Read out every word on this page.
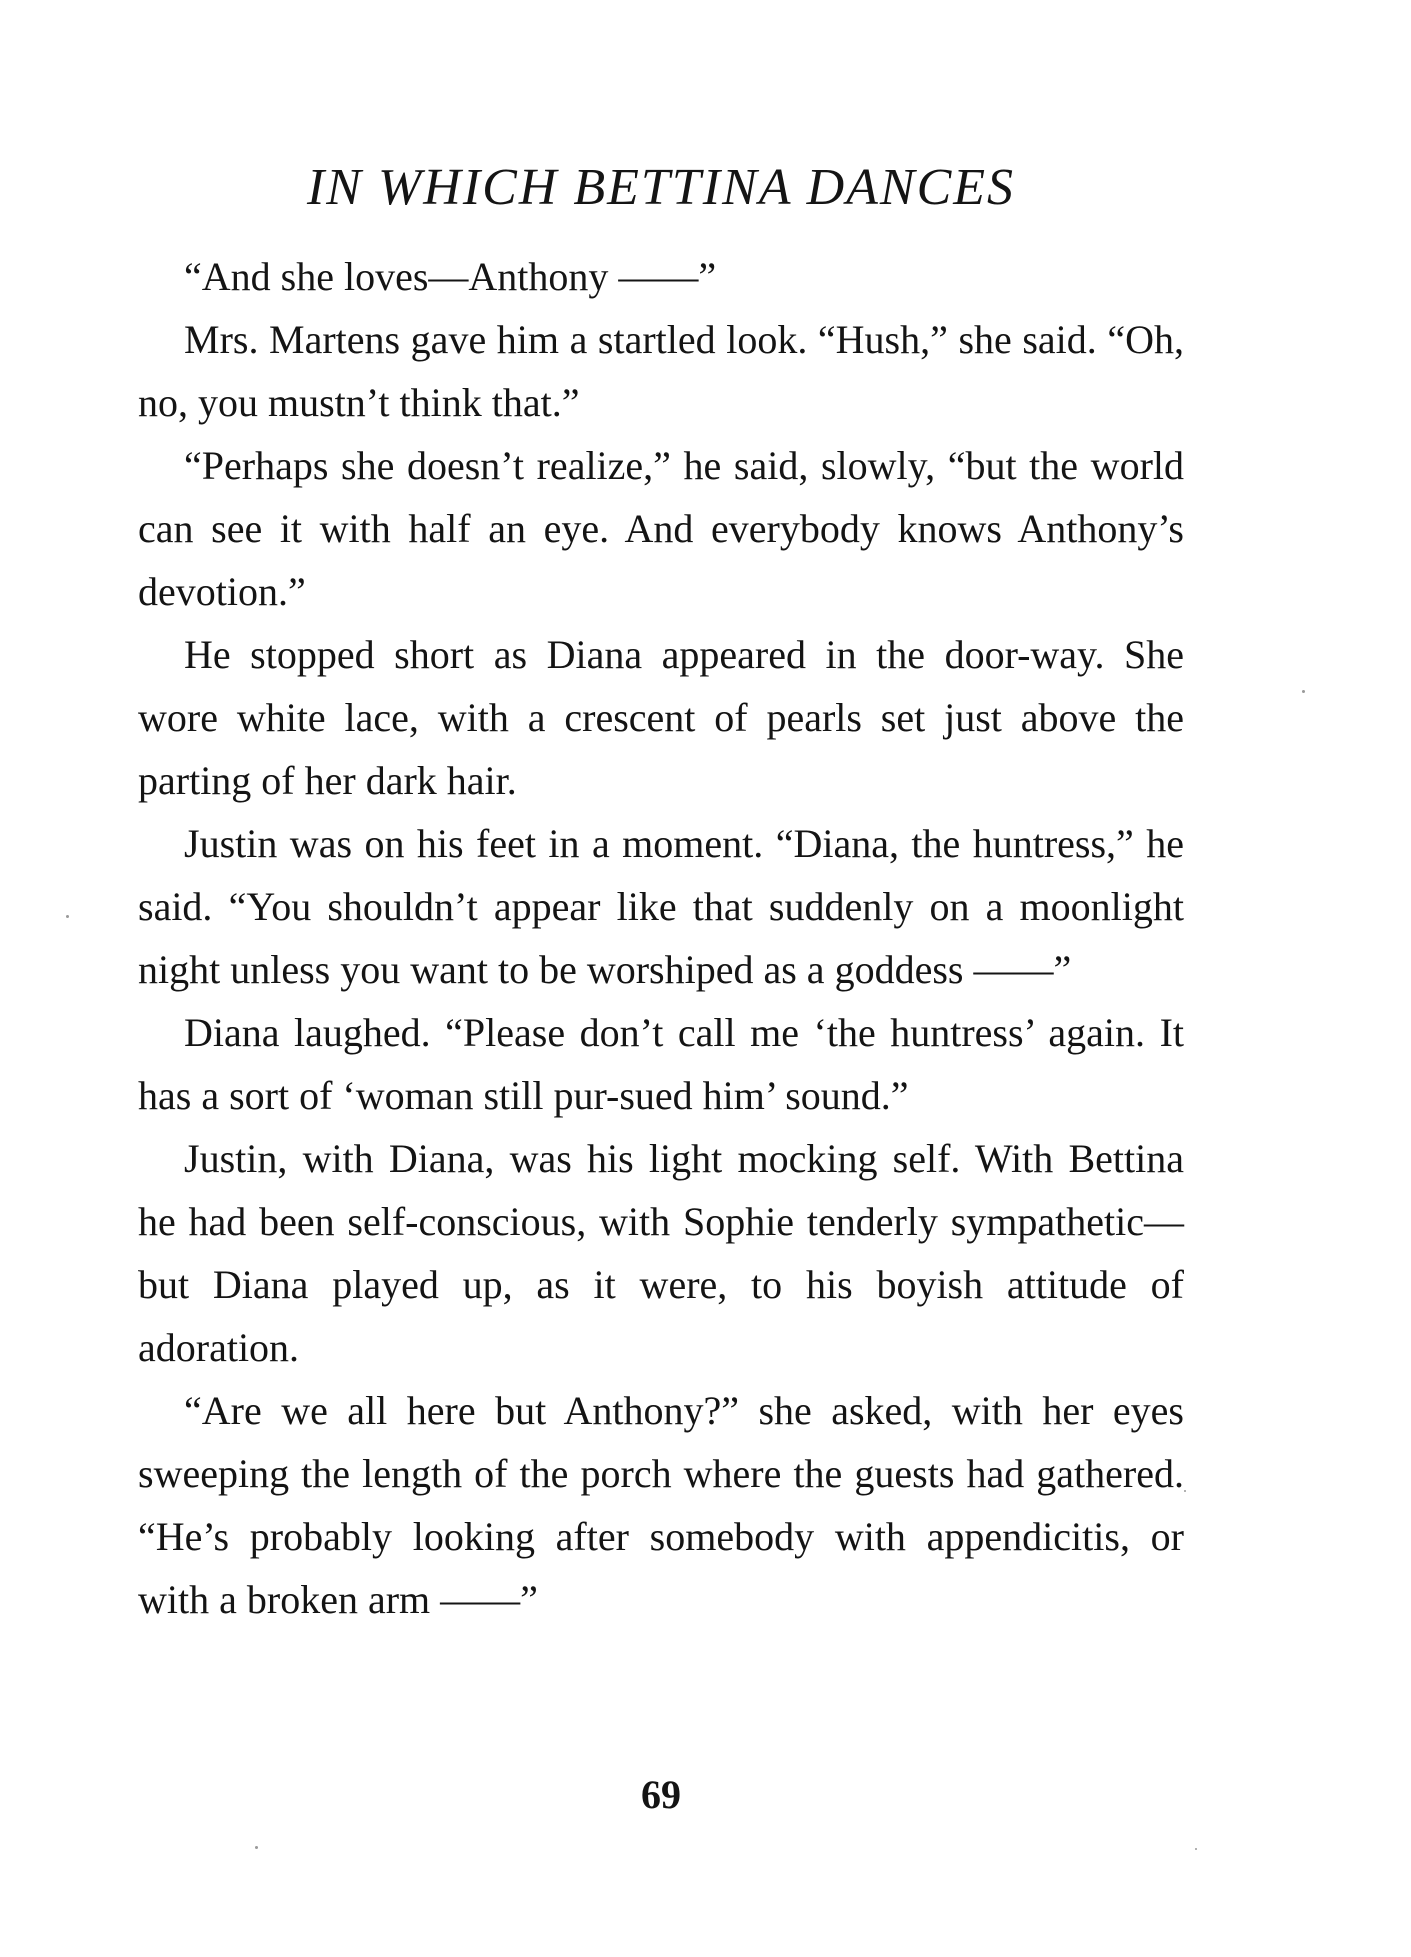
IN WHICH BETTINA DANCES

“And she loves—Anthony ——”

Mrs. Martens gave him a startled look. “Hush,” she said. “Oh, no, you mustn’t think that.”

“Perhaps she doesn’t realize,” he said, slowly, “but the world can see it with half an eye. And everybody knows Anthony’s devotion.”

He stopped short as Diana appeared in the door-way. She wore white lace, with a crescent of pearls set just above the parting of her dark hair.

Justin was on his feet in a moment. “Diana, the huntress,” he said. “You shouldn’t appear like that suddenly on a moonlight night unless you want to be worshiped as a goddess ——”

Diana laughed. “Please don’t call me ‘the huntress’ again. It has a sort of ‘woman still pur-sued him’ sound.”

Justin, with Diana, was his light mocking self. With Bettina he had been self-conscious, with Sophie tenderly sympathetic—but Diana played up, as it were, to his boyish attitude of adoration.

“Are we all here but Anthony?” she asked, with her eyes sweeping the length of the porch where the guests had gathered. “He’s probably looking after somebody with appendicitis, or with a broken arm ——”

69
